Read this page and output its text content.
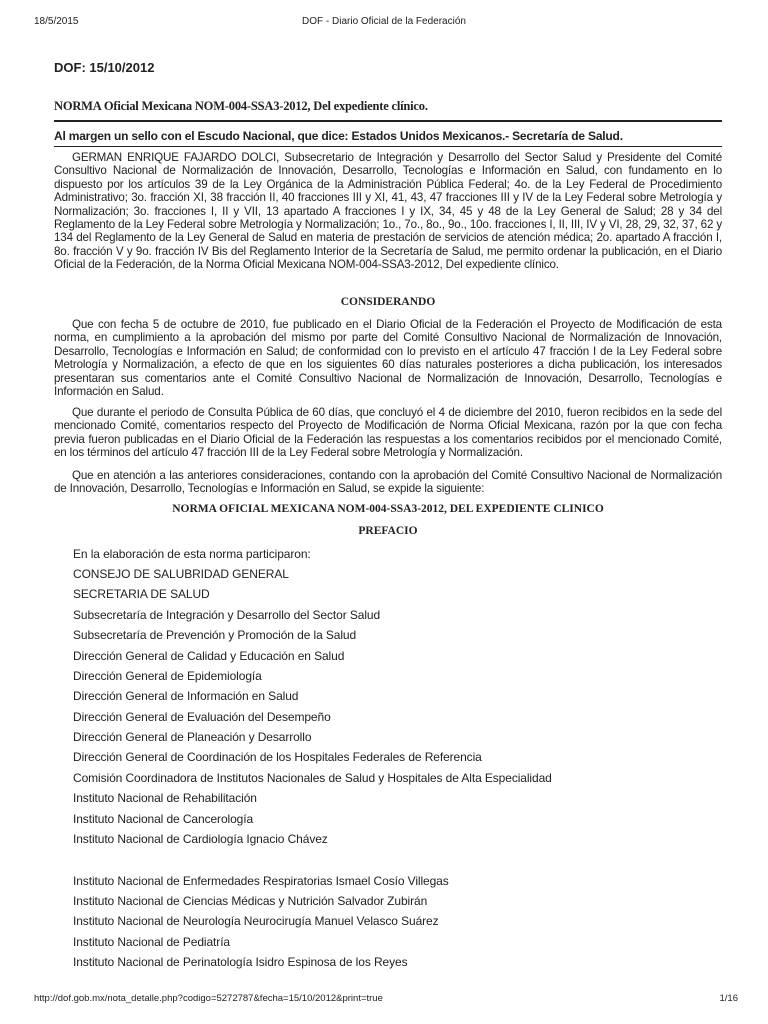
18/5/2015	DOF - Diario Oficial de la Federación
DOF: 15/10/2012
NORMA Oficial Mexicana NOM-004-SSA3-2012, Del expediente clínico.
Al margen un sello con el Escudo Nacional, que dice: Estados Unidos Mexicanos.- Secretaría de Salud.

GERMAN ENRIQUE FAJARDO DOLCI, Subsecretario de Integración y Desarrollo del Sector Salud y Presidente del Comité Consultivo Nacional de Normalización de Innovación, Desarrollo, Tecnologías e Información en Salud, con fundamento en lo dispuesto por los artículos 39 de la Ley Orgánica de la Administración Pública Federal; 4o. de la Ley Federal de Procedimiento Administrativo; 3o. fracción XI, 38 fracción II, 40 fracciones III y XI, 41, 43, 47 fracciones III y IV de la Ley Federal sobre Metrología y Normalización; 3o. fracciones I, II y VII, 13 apartado A fracciones I y IX, 34, 45 y 48 de la Ley General de Salud; 28 y 34 del Reglamento de la Ley Federal sobre Metrología y Normalización; 1o., 7o., 8o., 9o., 10o. fracciones I, II, III, IV y VI, 28, 29, 32, 37, 62 y 134 del Reglamento de la Ley General de Salud en materia de prestación de servicios de atención médica; 2o. apartado A fracción I, 8o. fracción V y 9o. fracción IV Bis del Reglamento Interior de la Secretaría de Salud, me permito ordenar la publicación, en el Diario Oficial de la Federación, de la Norma Oficial Mexicana NOM-004-SSA3-2012, Del expediente clínico.

CONSIDERANDO

Que con fecha 5 de octubre de 2010, fue publicado en el Diario Oficial de la Federación el Proyecto de Modificación de esta norma, en cumplimiento a la aprobación del mismo por parte del Comité Consultivo Nacional de Normalización de Innovación, Desarrollo, Tecnologías e Información en Salud; de conformidad con lo previsto en el artículo 47 fracción I de la Ley Federal sobre Metrología y Normalización, a efecto de que en los siguientes 60 días naturales posteriores a dicha publicación, los interesados presentaran sus comentarios ante el Comité Consultivo Nacional de Normalización de Innovación, Desarrollo, Tecnologías e Información en Salud.

Que durante el periodo de Consulta Pública de 60 días, que concluyó el 4 de diciembre del 2010, fueron recibidos en la sede del mencionado Comité, comentarios respecto del Proyecto de Modificación de Norma Oficial Mexicana, razón por la que con fecha previa fueron publicadas en el Diario Oficial de la Federación las respuestas a los comentarios recibidos por el mencionado Comité, en los términos del artículo 47 fracción III de la Ley Federal sobre Metrología y Normalización.

Que en atención a las anteriores consideraciones, contando con la aprobación del Comité Consultivo Nacional de Normalización de Innovación, Desarrollo, Tecnologías e Información en Salud, se expide la siguiente:

NORMA OFICIAL MEXICANA NOM-004-SSA3-2012, DEL EXPEDIENTE CLINICO
PREFACIO
En la elaboración de esta norma participaron:
CONSEJO DE SALUBRIDAD GENERAL
SECRETARIA DE SALUD
Subsecretaría de Integración y Desarrollo del Sector Salud
Subsecretaría de Prevención y Promoción de la Salud
Dirección General de Calidad y Educación en Salud
Dirección General de Epidemiología
Dirección General de Información en Salud
Dirección General de Evaluación del Desempeño
Dirección General de Planeación y Desarrollo
Dirección General de Coordinación de los Hospitales Federales de Referencia
Comisión Coordinadora de Institutos Nacionales de Salud y Hospitales de Alta Especialidad
Instituto Nacional de Rehabilitación
Instituto Nacional de Cancerología
Instituto Nacional de Cardiología Ignacio Chávez
Instituto Nacional de Enfermedades Respiratorias Ismael Cosío Villegas
Instituto Nacional de Ciencias Médicas y Nutrición Salvador Zubirán
Instituto Nacional de Neurología Neurocirugía Manuel Velasco Suárez
Instituto Nacional de Pediatría
Instituto Nacional de Perinatología Isidro Espinosa de los Reyes
http://dof.gob.mx/nota_detalle.php?codigo=5272787&fecha=15/10/2012&print=true	1/16
